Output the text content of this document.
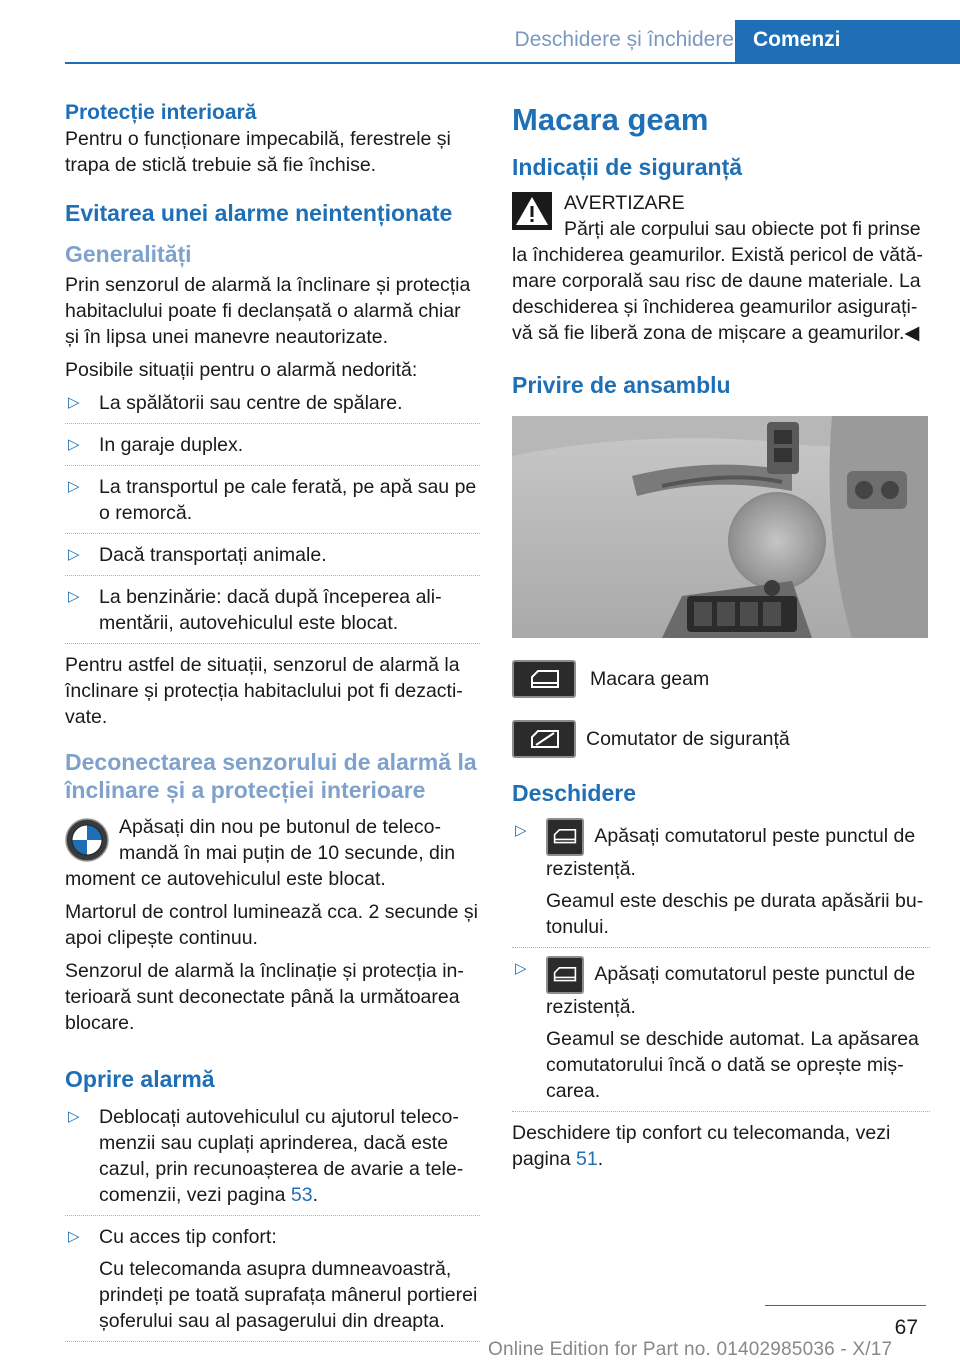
Deschidere și închidere Comenzi
Protecție interioară

Pentru o funcționare impecabilă, ferestrele și trapa de sticlă trebuie să fie închise.

Evitarea unei alarme neintenționate
Generalități

Prin senzorul de alarmă la înclinare și protecția habitaclului poate fi declanșată o alarmă chiar și în lipsa unei manevre neautorizate.

Posibile situații pentru o alarmă nedorită:

▷ La spălătorii sau centre de spălare.
▷ In garaje duplex.
▷ La transportul pe cale ferată, pe apă sau pe o remorcă.
▷ Dacă transportați animale.
▷ La benzinărie: dacă după începerea alimentării, autovehiculul este blocat.

Pentru astfel de situații, senzorul de alarmă la înclinare și protecția habitaclului pot fi dezactivate.

Deconectarea senzorului de alarmă la înclinare și a protecției interioare

Apăsați din nou pe butonul de telecomandă în mai puțin de 10 secunde, din moment ce autovehiculul este blocat.

Martorul de control luminează cca. 2 secunde și apoi clipește continuu.

Senzorul de alarmă la înclinație și protecția interioară sunt deconectate până la următoarea blocare.

Oprire alarmă
▷ Deblocați autovehiculul cu ajutorul telecomenzii sau cuplați aprinderea, dacă este cazul, prin recunoașterea de avarie a telecomenzii, vezi pagina 53.
▷ Cu acces tip confort:
Cu telecomanda asupra dumneavoastră, prindeți pe toată suprafața mânerul portierei șoferului sau al pasagerului din dreapta.
Macara geam
Indicații de siguranță

AVERTIZARE

Părți ale corpului sau obiecte pot fi prinse la închiderea geamurilor. Există pericol de vătămare corporală sau risc de daune materiale. La deschiderea și închiderea geamurilor asigurați-vă să fie liberă zona de mișcare a geamurilor.◀

Privire de ansamblu
Macara geam
Comutator de siguranță
Deschidere
▷ Apăsați comutatorul peste punctul de rezistență.
Geamul este deschis pe durata apăsării butonului.
▷ Apăsați comutatorul peste punctul de rezistență.
Geamul se deschide automat. La apăsarea comutatorului încă o dată se oprește mișcarea.

Deschidere tip confort cu telecomanda, vezi pagina 51.

67
Online Edition for Part no. 01402985036 - X/17
